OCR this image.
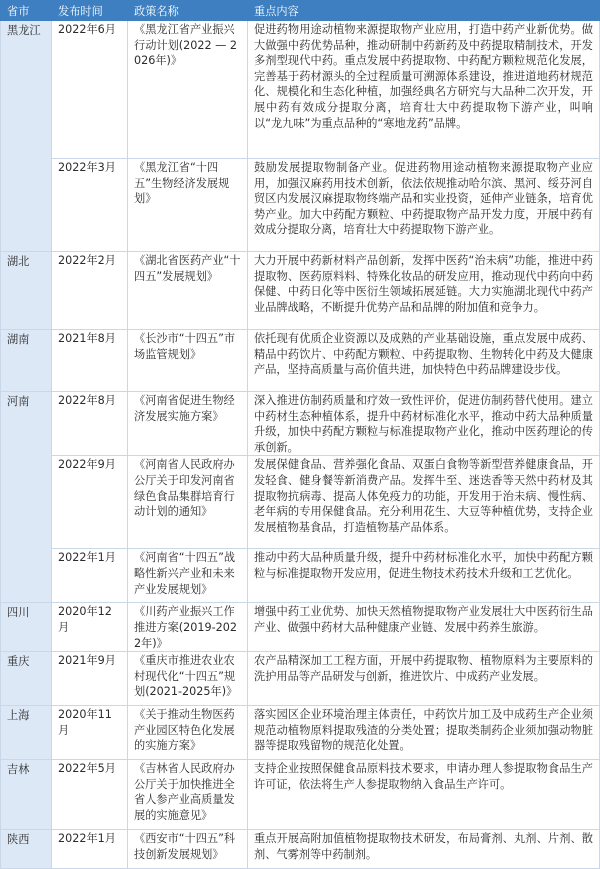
省市	发布时间	政策名称	重点内容
黑龙江	2022年6月	《黑龙江省产业振兴行动计划(2022 — 2026年)》	促进药物用途动植物来源提取物产业应用，打造中药产业新优势。做大做强中药优势品种，推动研制中药新药及中药提取精制技术，开发多剂型现代中药。重点发展中药提取物、中药配方颗粒规范化发展，完善基于药材源头的全过程质量可溯源体系建设，推进道地药材规范化、规模化和生态化种植，加强经典名方研究与大品种二次开发，开展中药有效成分提取分离，培育壮大中药提取物下游产业，叫响以“龙九味”为重点品种的“寒地龙药”品牌。
	2022年3月	《黑龙江省“十四五”生物经济发展规划》	鼓励发展提取物制备产业。促进药物用途动植物来源提取物产业应用，加强汉麻药用技术创新，依法依规推动哈尔滨、黑河、绥芬河自贸区内发展汉麻提取物终端产品和实业投资，延伸产业链条，培育优势产业。加大中药配方颗粒、中药提取物产品开发力度，开展中药有效成分提取分离，培育壮大中药提取物下游产业。
湖北	2022年2月	《湖北省医药产业“十四五”发展规划》	大力开展中药新材料产品创新，发挥中医药“治未病”功能，推进中药提取物、医药原料料、特殊化妆品的研发应用，推动现代中药向中药保健、中药日化等中医衍生领域拓展延链。大力实施湖北现代中药产业品牌战略，不断提升优势产品和品牌的附加值和竞争力。
湖南	2021年8月	《长沙市“十四五”市场监管规划》	依托现有优质企业资源以及成熟的产业基础设施，重点发展中成药、精品中药饮片、中药配方颗粒、中药提取物、生物转化中药及大健康产品，坚持高质量与高价值共进，加快特色中药品牌建设步伐。
河南	2022年8月	《河南省促进生物经济发展实施方案》	深入推进仿制药质量和疗效一致性评价，促进仿制药替代使用。建立中药材生态种植体系，提升中药材标准化水平，推动中药大品种质量升级，加快中药配方颗粒与标准提取物产业化，推动中医药理论的传承创新。
	2022年9月	《河南省人民政府办公厅关于印发河南省绿色食品集群培育行动计划的通知》	发展保健食品、营养强化食品、双蛋白食物等新型营养健康食品，开发轻食、健身餐等新消费产品。发挥牛至、迷迭香等天然中药材及其提取物抗病毒、提高人体免疫力的功能，开发用于治未病、慢性病、老年病的专用保健食品。充分利用花生、大豆等种植优势，支持企业发展植物基食品，打造植物基产品体系。
	2022年1月	《河南省“十四五”战略性新兴产业和未来产业发展规划》	推动中药大品种质量升级，提升中药材标准化水平，加快中药配方颗粒与标准提取物开发应用，促进生物技术药技术升级和工艺优化。
四川	2020年12月	《川药产业振兴工作推进方案(2019-2022年)》	增强中药工业优势、加快天然植物提取物产业发展壮大中医药衍生品产业、做强中药材大品种健康产业链、发展中药养生旅游。
重庆	2021年9月	《重庆市推进农业农村现代化“十四五”规划(2021-2025年)》	农产品精深加工工程方面，开展中药提取物、植物原料为主要原料的洗护用品等产品研发与创新，推进饮片、中成药产业发展。
上海	2020年11月	《关于推动生物医药产业园区特色化发展的实施方案》	落实园区企业环境治理主体责任，中药饮片加工及中成药生产企业须规范动植物原料提取残渣的分类处置；提取类制药企业须加强动物脏器等提取残留物的规范化处置。
吉林	2022年5月	《吉林省人民政府办公厅关于加快推进全省人参产业高质量发展的实施意见》	支持企业按照保健食品原料技术要求，申请办理人参提取物食品生产许可证，依法将生产人参提取物纳入食品生产许可。
陕西	2022年1月	《西安市“十四五”科技创新发展规划》	重点开展高附加值植物提取物技术研发，布局膏剂、丸剂、片剂、散剂、气雾剂等中药制剂。
